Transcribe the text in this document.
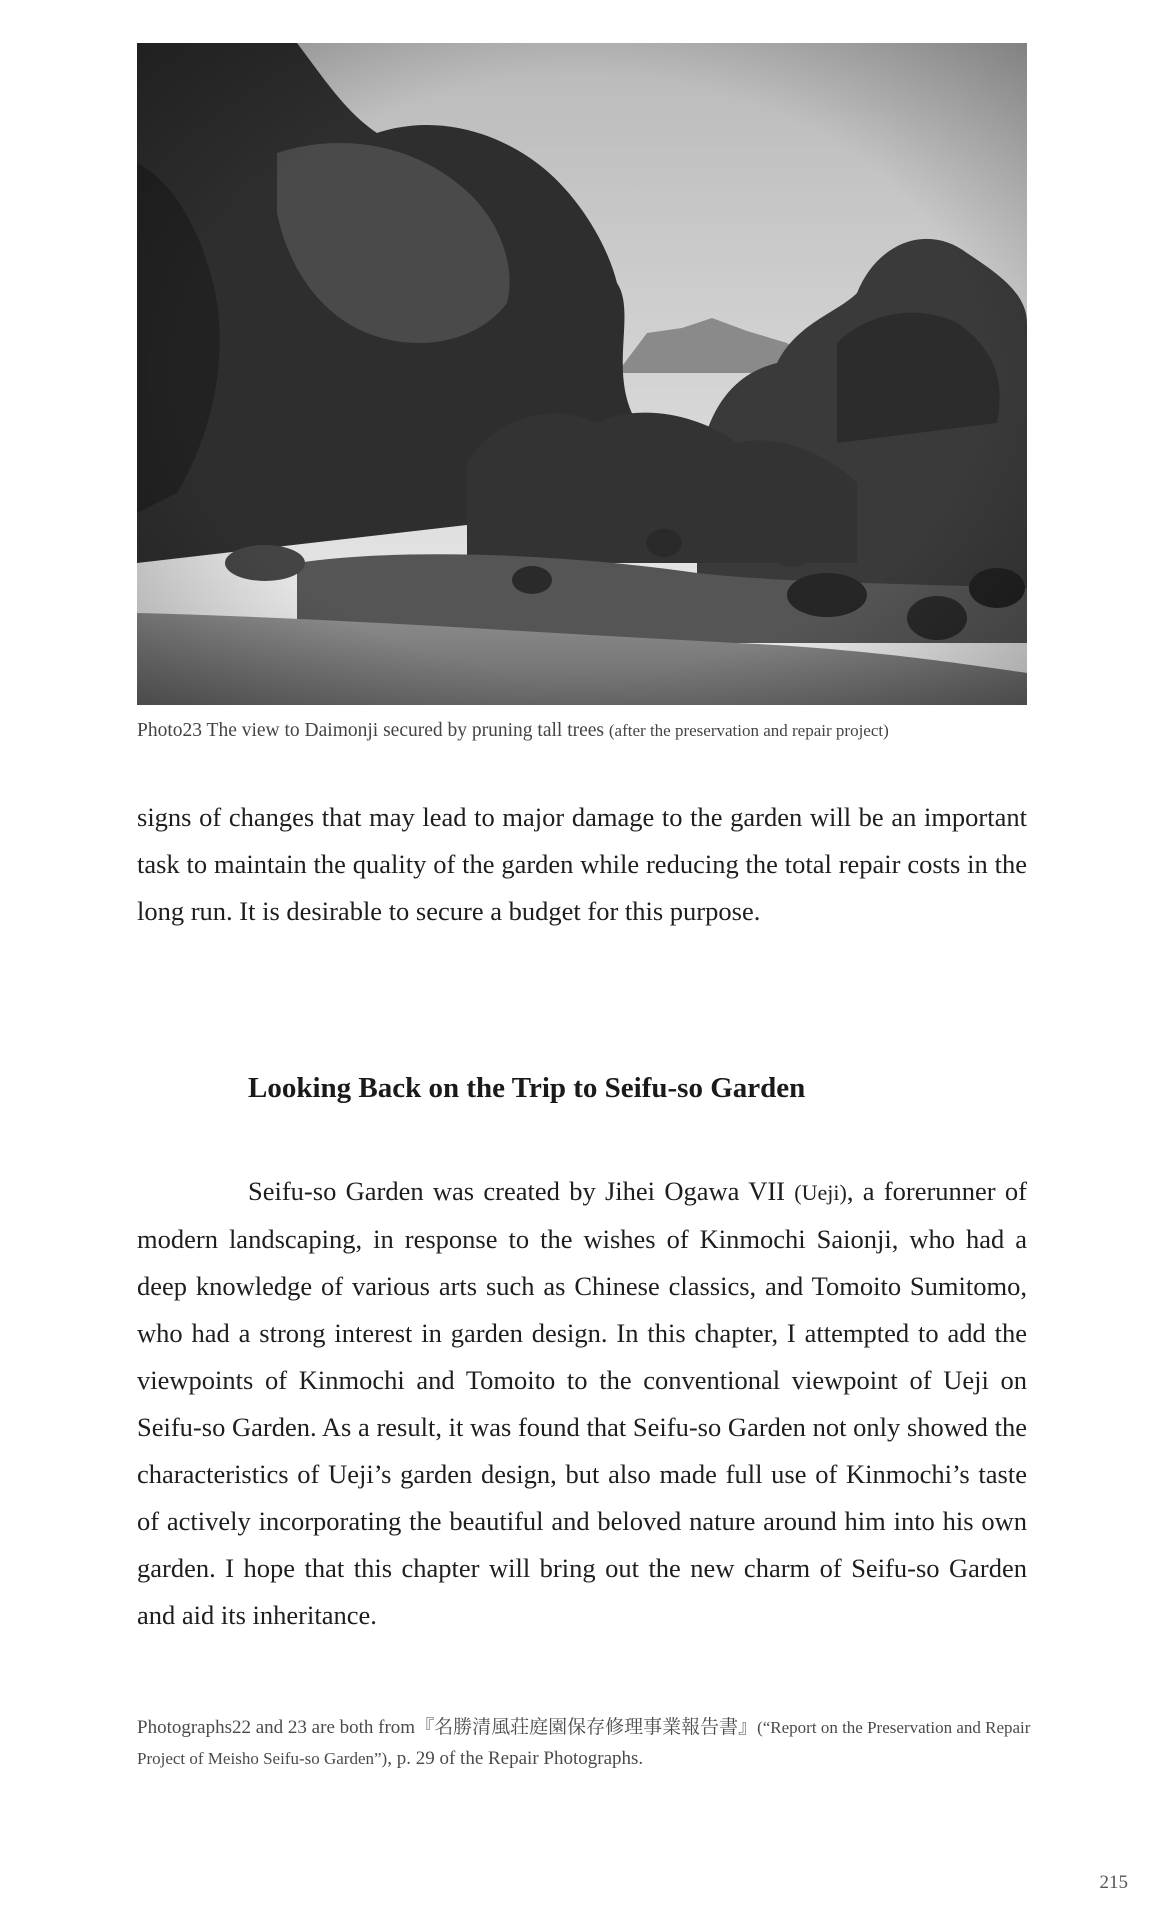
Photo23 The view to Daimonji secured by pruning tall trees (after the preservation and repair project)

signs of changes that may lead to major damage to the garden will be an important task to maintain the quality of the garden while reducing the total repair costs in the long run. It is desirable to secure a budget for this purpose.

Looking Back on the Trip to Seifu-so Garden

Seifu-so Garden was created by Jihei Ogawa VII (Ueji), a forerunner of modern landscaping, in response to the wishes of Kinmochi Saionji, who had a deep knowledge of various arts such as Chinese classics, and Tomoito Sumitomo, who had a strong interest in garden design. In this chapter, I attempted to add the viewpoints of Kinmochi and Tomoito to the conventional viewpoint of Ueji on Seifu-so Garden. As a result, it was found that Seifu-so Garden not only showed the characteristics of Ueji’s garden design, but also made full use of Kinmochi’s taste of actively incorporating the beautiful and beloved nature around him into his own garden. I hope that this chapter will bring out the new charm of Seifu-so Garden and aid its inheritance.

Photographs22 and 23 are both from『名勝清風荘庭園保存修理事業報告書』(“Report on the Preservation and Repair Project of Meisho Seifu-so Garden”), p. 29 of the Repair Photographs.
215
